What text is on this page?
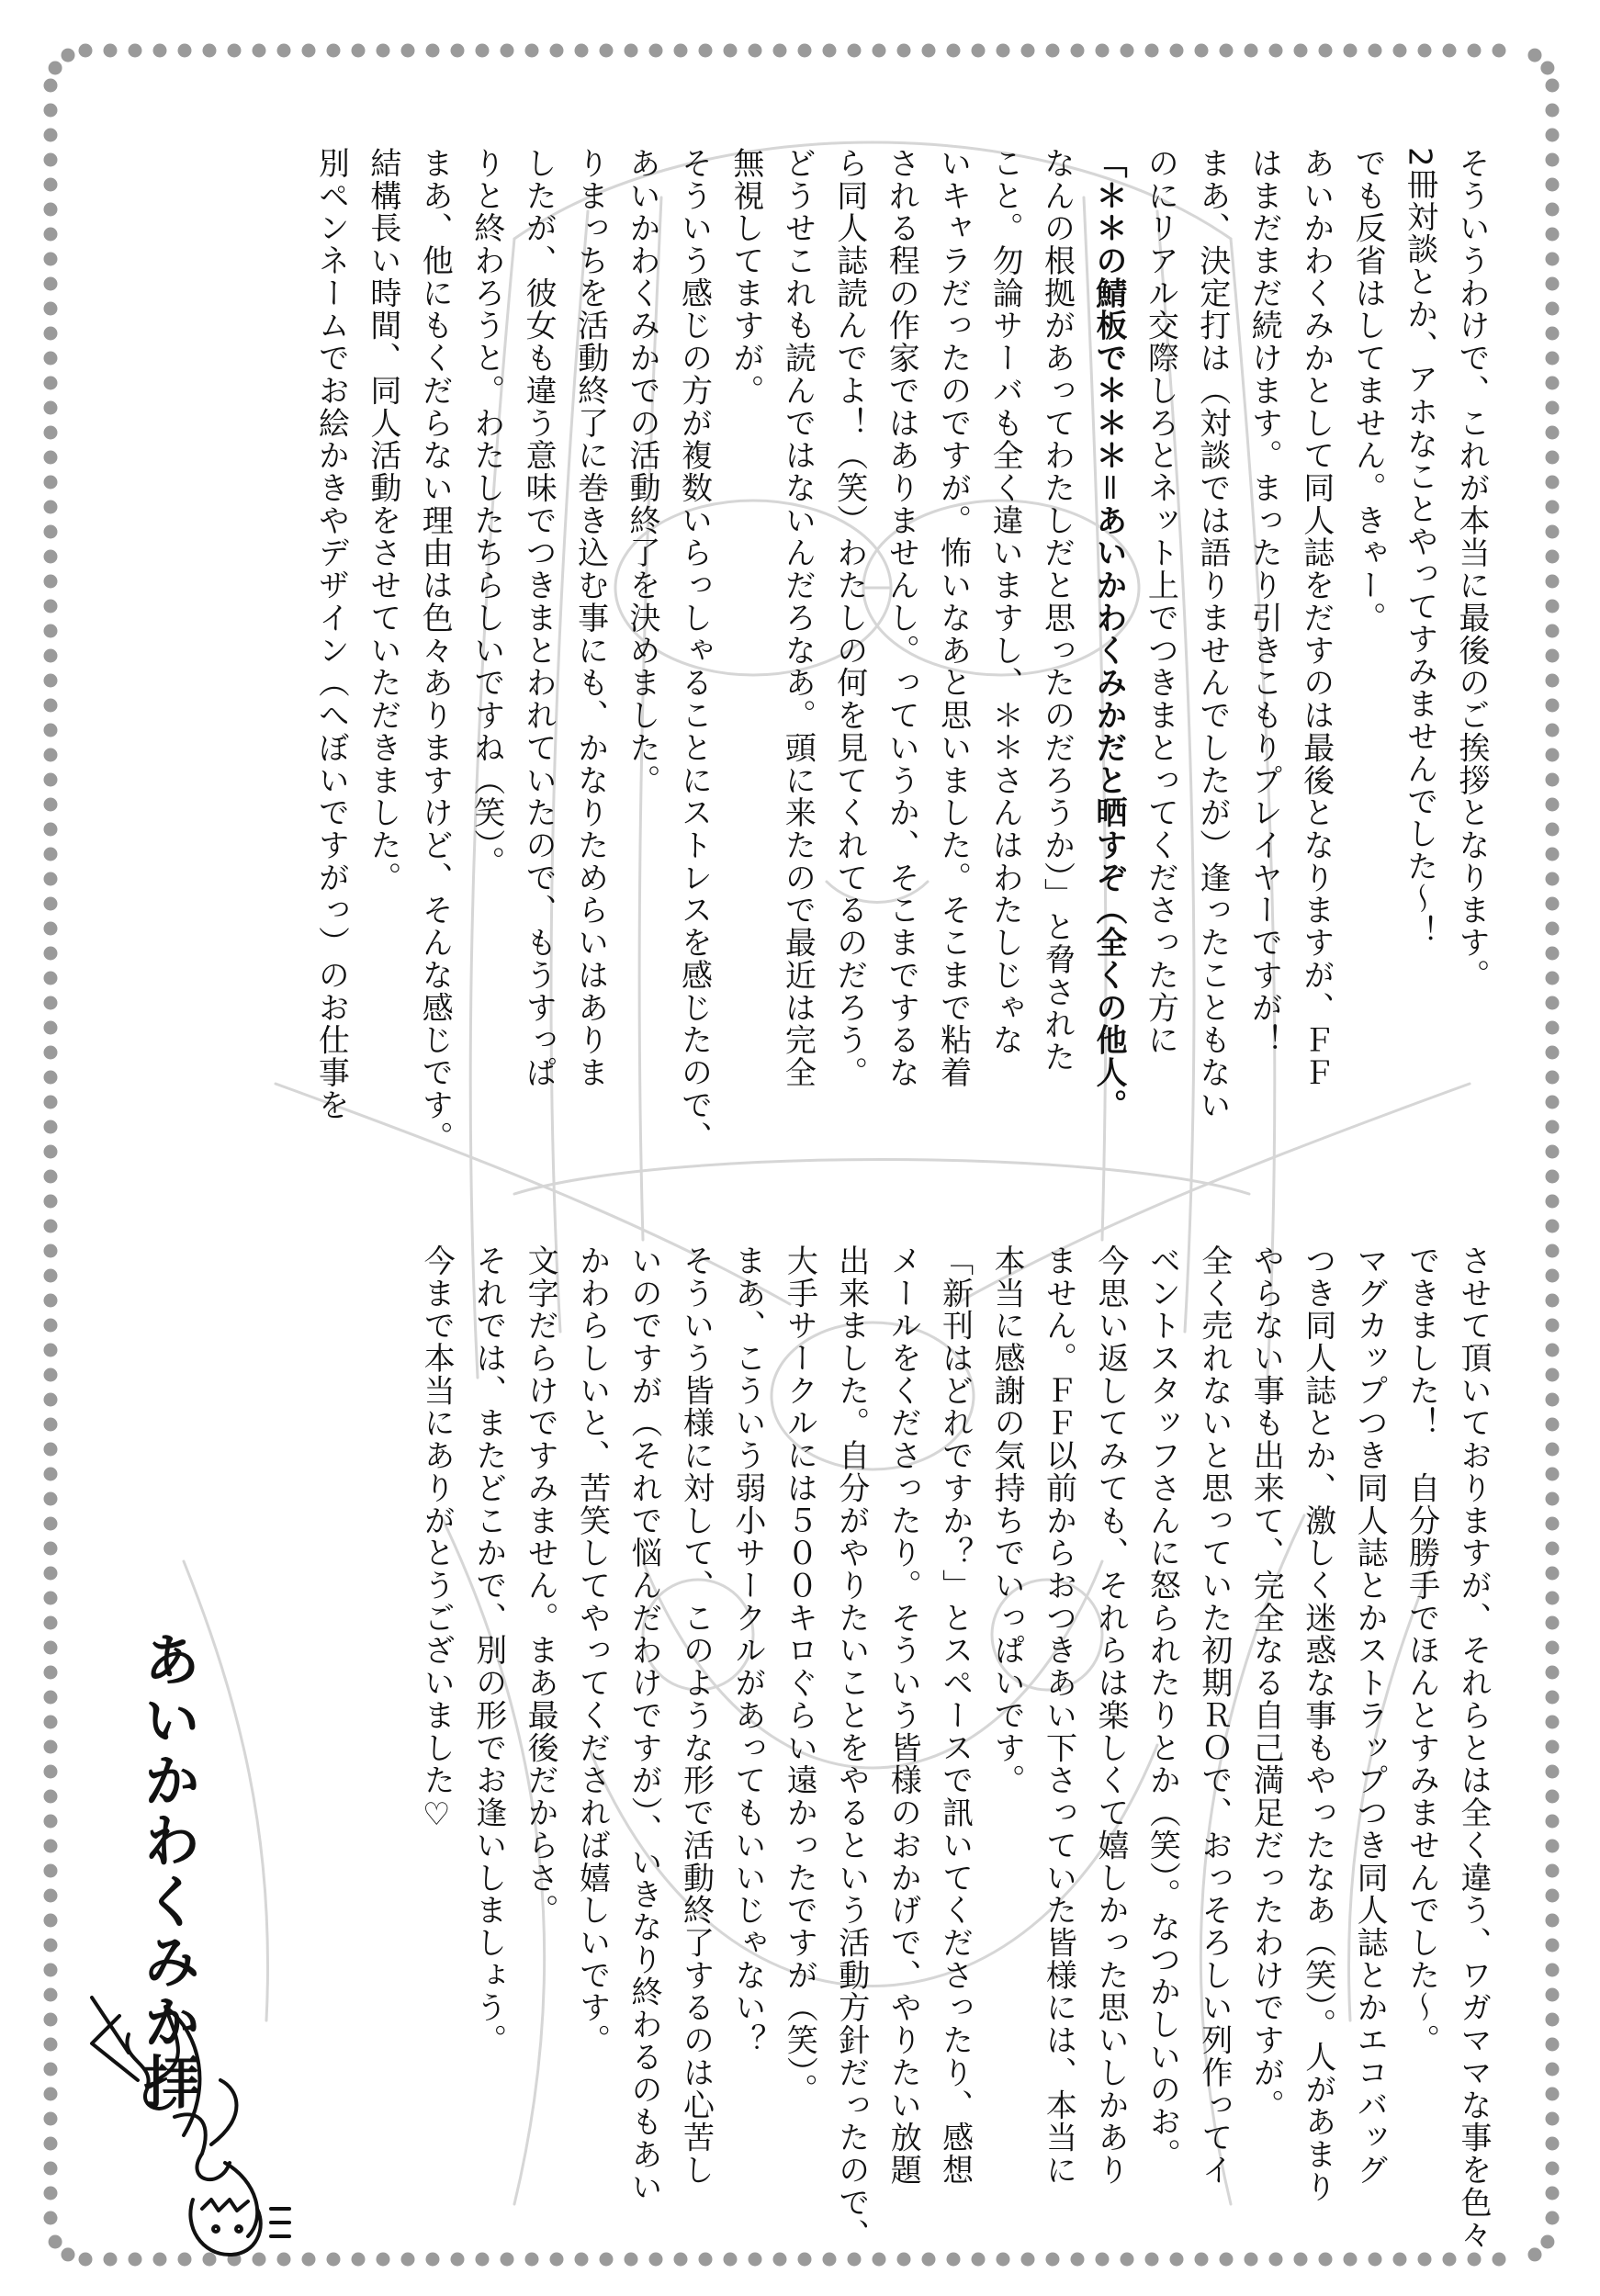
そういうわけで、これが本当に最後のご挨拶となります。

2冊対談とか、アホなことやってすみませんでした〜！

でも反省はしてません。きゃー。

あいかわくみかとして同人誌をだすのは最後となりますが、ＦＦ

はまだまだ続けます。まったり引きこもりプレイヤーですが！

まあ、決定打は（対談では語りませんでしたが）逢ったこともない

のにリアル交際しろとネット上でつきまとってくださった方に

「＊＊の鯖板で＊＊＊＝あいかわくみかだと晒すぞ（全くの他人。

なんの根拠があってわたしだと思ったのだろうか）」と脅された

こと。勿論サーバも全く違いますし、＊＊さんはわたしじゃな

いキャラだったのですが。怖いなあと思いました。そこまで粘着

される程の作家ではありませんし。っていうか、そこまでするな

ら同人誌読んでよ！（笑）わたしの何を見てくれてるのだろう。

どうせこれも読んではないんだろなあ。頭に来たので最近は完全

無視してますが。

そういう感じの方が複数いらっしゃることにストレスを感じたので、

あいかわくみかでの活動終了を決めました。

りまっちを活動終了に巻き込む事にも、かなりためらいはありま

したが、彼女も違う意味でつきまとわれていたので、もうすっぱ

りと終わろうと。わたしたちらしいですね（笑）。

まあ、他にもくだらない理由は色々ありますけど、そんな感じです。

結構長い時間、同人活動をさせていただきました。

別ペンネームでお絵かきやデザイン（へぼいですがっ）のお仕事を

させて頂いておりますが、それらとは全く違う、ワガママな事を色々

できました！　自分勝手でほんとすみませんでした〜。

マグカップつき同人誌とかストラップつき同人誌とかエコバッグ

つき同人誌とか、激しく迷惑な事もやったなあ（笑）。人があまり

やらない事も出来て、完全なる自己満足だったわけですが。

全く売れないと思っていた初期ＲＯで、おっそろしい列作ってイ

ベントスタッフさんに怒られたりとか（笑）。なつかしいのお。

今思い返してみても、それらは楽しくて嬉しかった思いしかあり

ません。ＦＦ以前からおつきあい下さっていた皆様には、本当に

本当に感謝の気持ちでいっぱいです。

「新刊はどれですか？」とスペースで訊いてくださったり、感想

メールをくださったり。そういう皆様のおかげで、やりたい放題

出来ました。自分がやりたいことをやるという活動方針だったので、

大手サークルには５００キロぐらい遠かったですが（笑）。

まあ、こういう弱小サークルがあってもいいじゃない？

そういう皆様に対して、このような形で活動終了するのは心苦し

いのですが（それで悩んだわけですが）、いきなり終わるのもあい

かわらしいと、苦笑してやってくだされば嬉しいです。

文字だらけですみません。まあ最後だからさ。

それでは、またどこかで、別の形でお逢いしましょう。

今まで本当にありがとうございました♡

あいかわくみか拝
